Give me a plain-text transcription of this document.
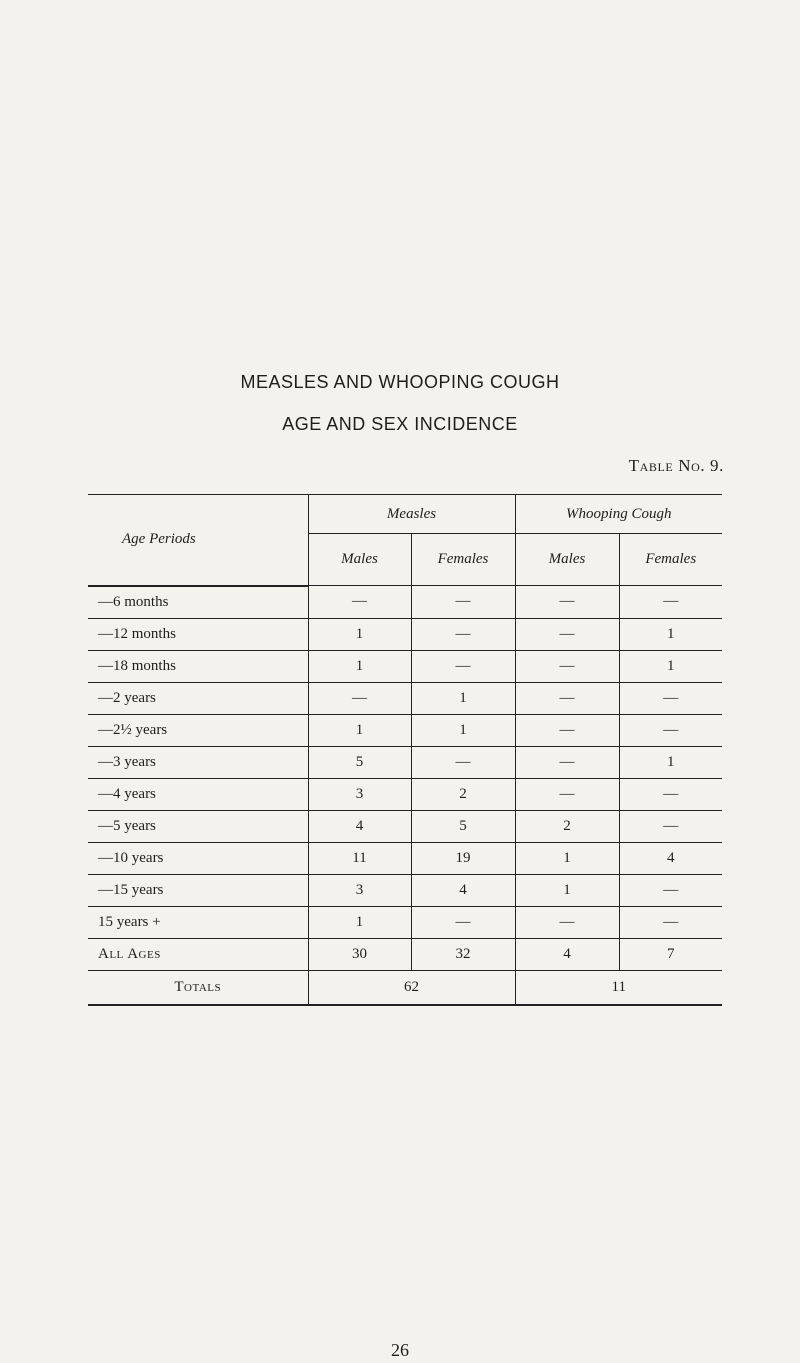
MEASLES AND WHOOPING COUGH
AGE AND SEX INCIDENCE
Table No. 9.
Age Periods	Measles		Whooping Cough	
	Males	Females	Males	Females
—6 months	—	—	—	—
—12 months	1	—	—	1
—18 months	1	—	—	1
—2 years	—	1	—	—
—2½ years	1	1	—	—
—3 years	5	—	—	1
—4 years	3	2	—	—
—5 years	4	5	2	—
—10 years	11	19	1	4
—15 years	3	4	1	—
15 years +	1	—	—	—
All Ages	30	32	4	7
Totals	62		11	
26
